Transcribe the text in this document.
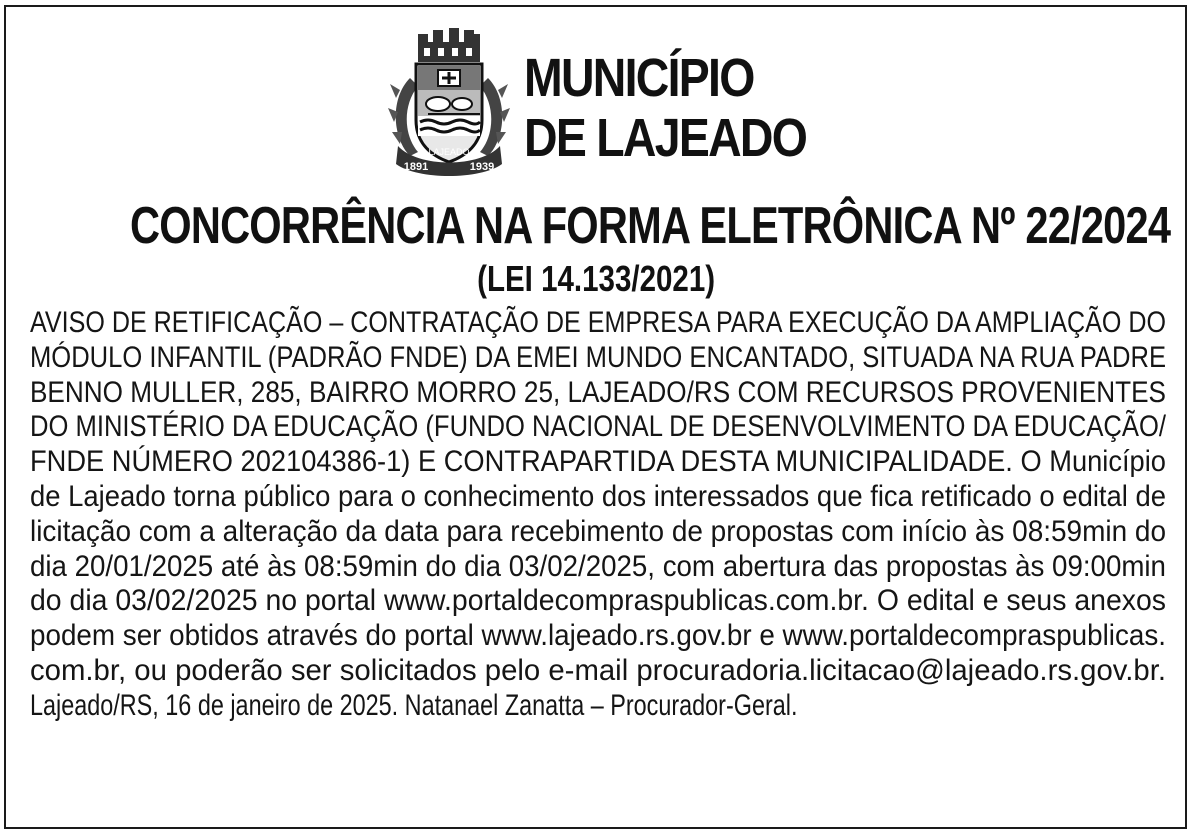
LAJEADO
1891	1939
MUNICÍPIO
DE LAJEADO
CONCORRÊNCIA NA FORMA ELETRÔNICA Nº 22/2024
(LEI 14.133/2021)
AVISO DE RETIFICAÇÃO – CONTRATAÇÃO DE EMPRESA PARA EXECUÇÃO DA AMPLIAÇÃO DO
MÓDULO INFANTIL (PADRÃO FNDE) DA EMEI MUNDO ENCANTADO, SITUADA NA RUA PADRE
BENNO MULLER, 285, BAIRRO MORRO 25, LAJEADO/RS COM RECURSOS PROVENIENTES
DO MINISTÉRIO DA EDUCAÇÃO (FUNDO NACIONAL DE DESENVOLVIMENTO DA EDUCAÇÃO/
FNDE NÚMERO 202104386-1) E CONTRAPARTIDA DESTA MUNICIPALIDADE. O Município
de Lajeado torna público para o conhecimento dos interessados que fica retificado o edital de
licitação com a alteração da data para recebimento de propostas com início às 08:59min do
dia 20/01/2025 até às 08:59min do dia 03/02/2025, com abertura das propostas às 09:00min
do dia 03/02/2025 no portal www.portaldecompraspublicas.com.br. O edital e seus anexos
podem ser obtidos através do portal www.lajeado.rs.gov.br e www.portaldecompraspublicas.
com.br, ou poderão ser solicitados pelo e-mail procuradoria.licitacao@lajeado.rs.gov.br.
Lajeado/RS, 16 de janeiro de 2025. Natanael Zanatta – Procurador-Geral.
